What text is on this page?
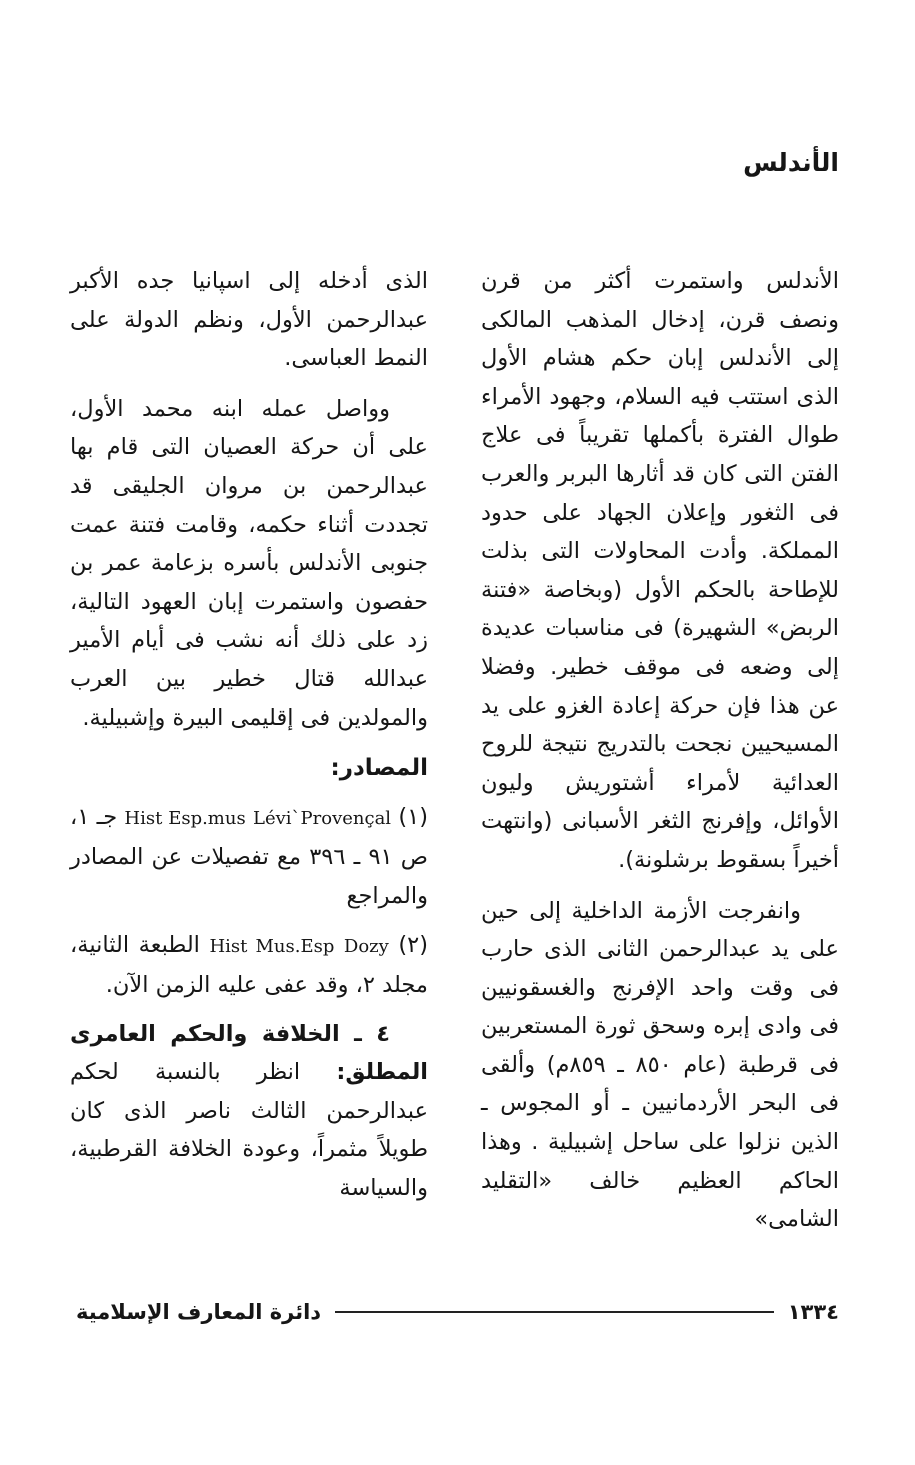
الأندلس

الأندلس واستمرت أكثر من قرن ونصف قرن، إدخال المذهب المالكى إلى الأندلس إبان حكم هشام الأول الذى استتب فيه السلام، وجهود الأمراء طوال الفترة بأكملها تقريباً فى علاج الفتن التى كان قد أثارها البربر والعرب فى الثغور وإعلان الجهاد على حدود المملكة. وأدت المحاولات التى بذلت للإطاحة بالحكم الأول (وبخاصة «فتنة الربض» الشهيرة) فى مناسبات عديدة إلى وضعه فى موقف خطير. وفضلا عن هذا فإن حركة إعادة الغزو على يد المسيحيين نجحت بالتدريج نتيجة للروح العدائية لأمراء أشتوريش وليون الأوائل، وإفرنج الثغر الأسبانى (وانتهت أخيراً بسقوط برشلونة).

وانفرجت الأزمة الداخلية إلى حين على يد عبدالرحمن الثانى الذى حارب فى وقت واحد الإفرنج والغسقونيين فى وادى إبره وسحق ثورة المستعربين فى قرطبة (عام ٨٥٠ ـ ٨٥٩م) وألقى فى البحر الأردمانيين ـ أو المجوس ـ الذين نزلوا على ساحل إشبيلية . وهذا الحاكم العظيم خالف «التقليد الشامى»

الذى أدخله إلى اسپانيا جده الأكبر عبدالرحمن الأول، ونظم الدولة على النمط العباسى.

وواصل عمله ابنه محمد الأول، على أن حركة العصيان التى قام بها عبدالرحمن بن مروان الجليقى قد تجددت أثناء حكمه، وقامت فتنة عمت جنوبى الأندلس بأسره بزعامة عمر بن حفصون واستمرت إبان العهود التالية، زد على ذلك أنه نشب فى أيام الأمير عبدالله قتال خطير بين العرب والمولدين فى إقليمى البيرة وإشبيلية.

المصادر:

(١) Lévi`Provençal Hist Esp.mus جـ ١، ص ٩١ ـ ٣٩٦ مع تفصيلات عن المصادر والمراجع

(٢) Dozy Hist Mus.Esp الطبعة الثانية، مجلد ٢، وقد عفى عليه الزمن الآن.

٤ ـ الخلافة والحكم العامرى المطلق: انظر بالنسبة لحكم عبدالرحمن الثالث ناصر الذى كان طويلاً مثمراً، وعودة الخلافة القرطبية، والسياسة

١٣٣٤
دائرة المعارف الإسلامية
